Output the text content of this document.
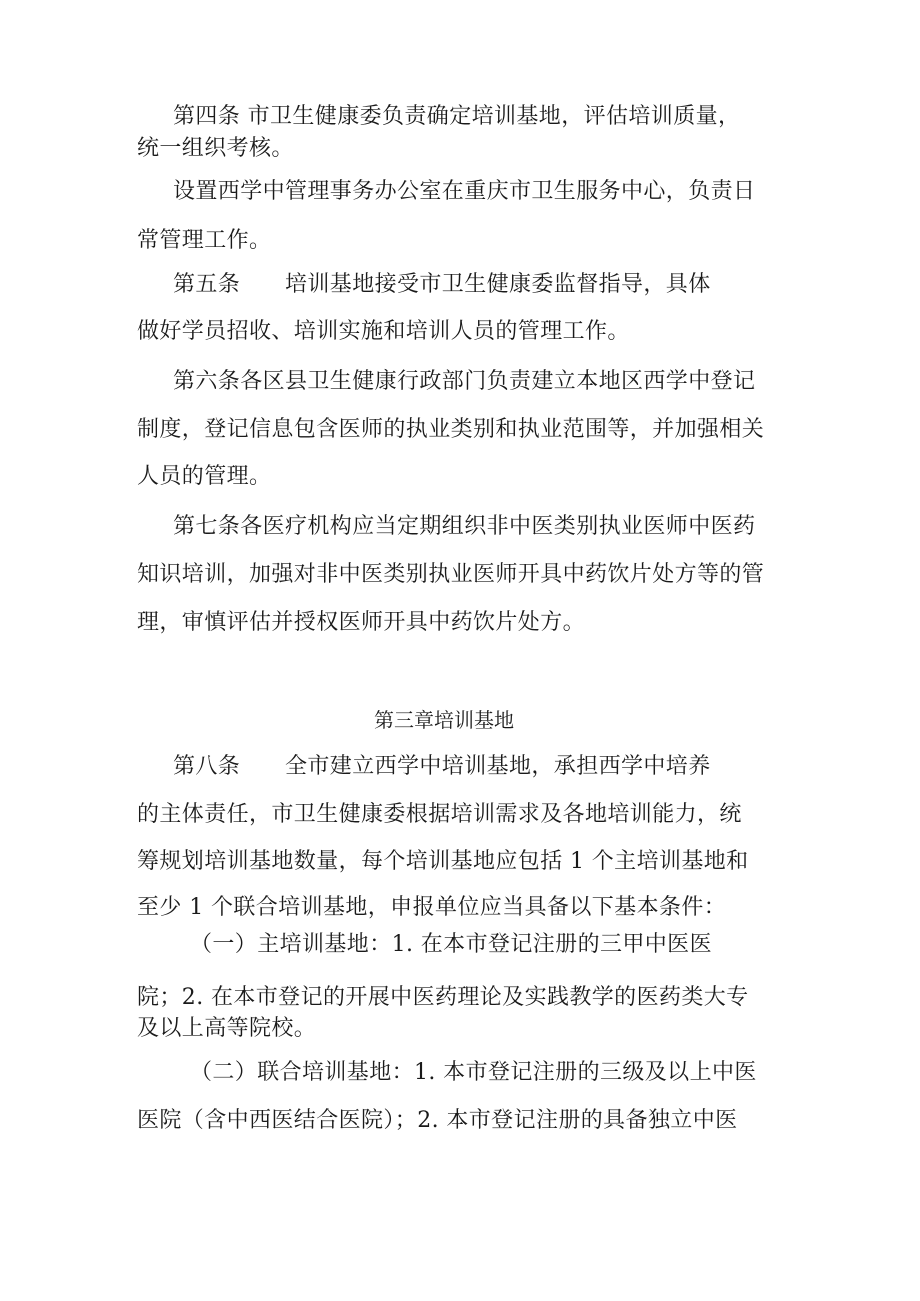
第四条 市卫生健康委负责确定培训基地，评估培训质量，
统一组织考核。
设置西学中管理事务办公室在重庆市卫生服务中心，负责日
常管理工作。
第五条　　培训基地接受市卫生健康委监督指导，具体
做好学员招收、培训实施和培训人员的管理工作。
第六条各区县卫生健康行政部门负责建立本地区西学中登记
制度，登记信息包含医师的执业类别和执业范围等，并加强相关
人员的管理。
第七条各医疗机构应当定期组织非中医类别执业医师中医药
知识培训，加强对非中医类别执业医师开具中药饮片处方等的管
理，审慎评估并授权医师开具中药饮片处方。
第三章培训基地
第八条　　全市建立西学中培训基地，承担西学中培养
的主体责任，市卫生健康委根据培训需求及各地培训能力，统
筹规划培训基地数量，每个培训基地应包括 1 个主培训基地和
至少 1 个联合培训基地，申报单位应当具备以下基本条件：
（一）主培训基地：1. 在本市登记注册的三甲中医医
院；2. 在本市登记的开展中医药理论及实践教学的医药类大专
及以上高等院校。
（二）联合培训基地：1. 本市登记注册的三级及以上中医
医院（含中西医结合医院）；2. 本市登记注册的具备独立中医
